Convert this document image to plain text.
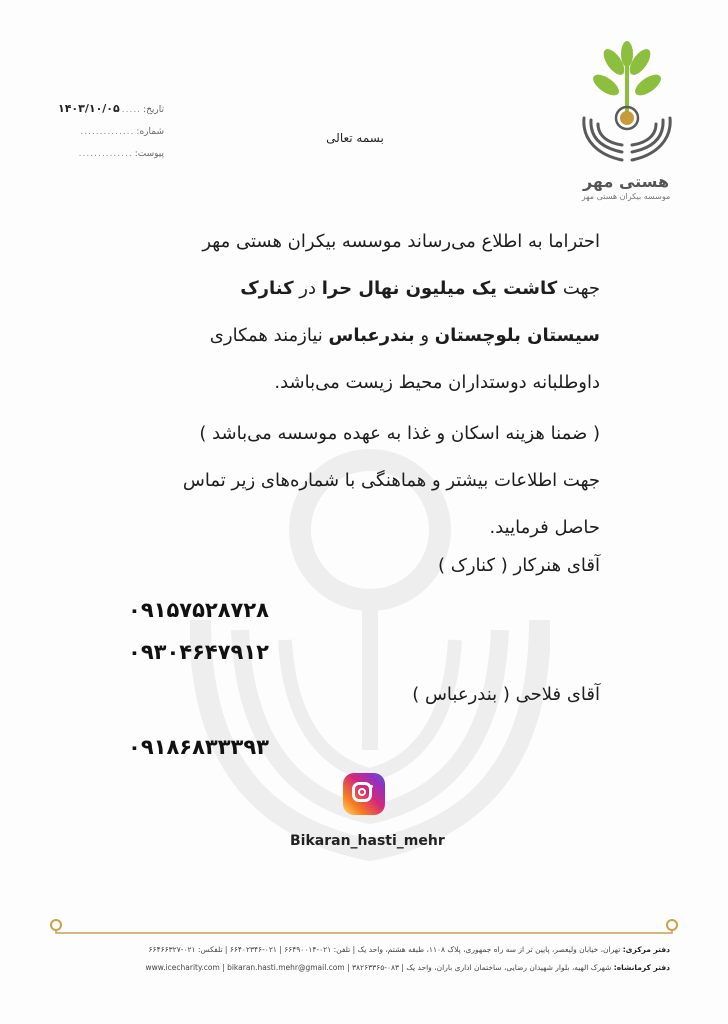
هستی مهر
موسسه بیکران هستی مهر
تاریخ:
.....
۱۴۰۳/۱۰/۰۵
شماره:
..............
پیوست:
..............
بسمه تعالی

احتراما به اطلاع می‌رساند موسسه بیکران هستی مهر

جهت کاشت یک میلیون نهال حرا در کنارک

سیستان بلوچستان و بندرعباس نیازمند همکاری

داوطلبانه دوستداران محیط زیست می‌باشد.

( ضمنا هزینه اسکان و غذا به عهده موسسه می‌باشد )

جهت اطلاعات بیشتر و هماهنگی با شماره‌های زیر تماس

حاصل فرمایید.

آقای هنرکار ( کنارک )
۰۹۱۵۷۵۲۸۷۲۸
۰۹۳۰۴۶۴۷۹۱۲
آقای فلاحی ( بندرعباس )
۰۹۱۸۶۸۳۳۳۹۳
Bikaran_hasti_mehr
دفتر مرکزی: تهران، خیابان ولیعصر، پایین تر از سه راه جمهوری، پلاک ۱۱۰۸، طبقه هشتم، واحد یک | تلفن: ۰۲۱-۶۶۴۹۰۰۱۴ | ۰۲۱-۶۶۴۰۲۳۴۶ | تلفکس: ۰۲۱-۶۶۴۶۶۳۲۷
دفتر کرمانشاه: شهرک الهیه، بلوار شهیدان رضایی، ساختمان اداری باران، واحد یک | ۰۸۳-۳۸۲۶۳۳۶۵ | www.icecharity.com | bikaran.hasti.mehr@gmail.com
